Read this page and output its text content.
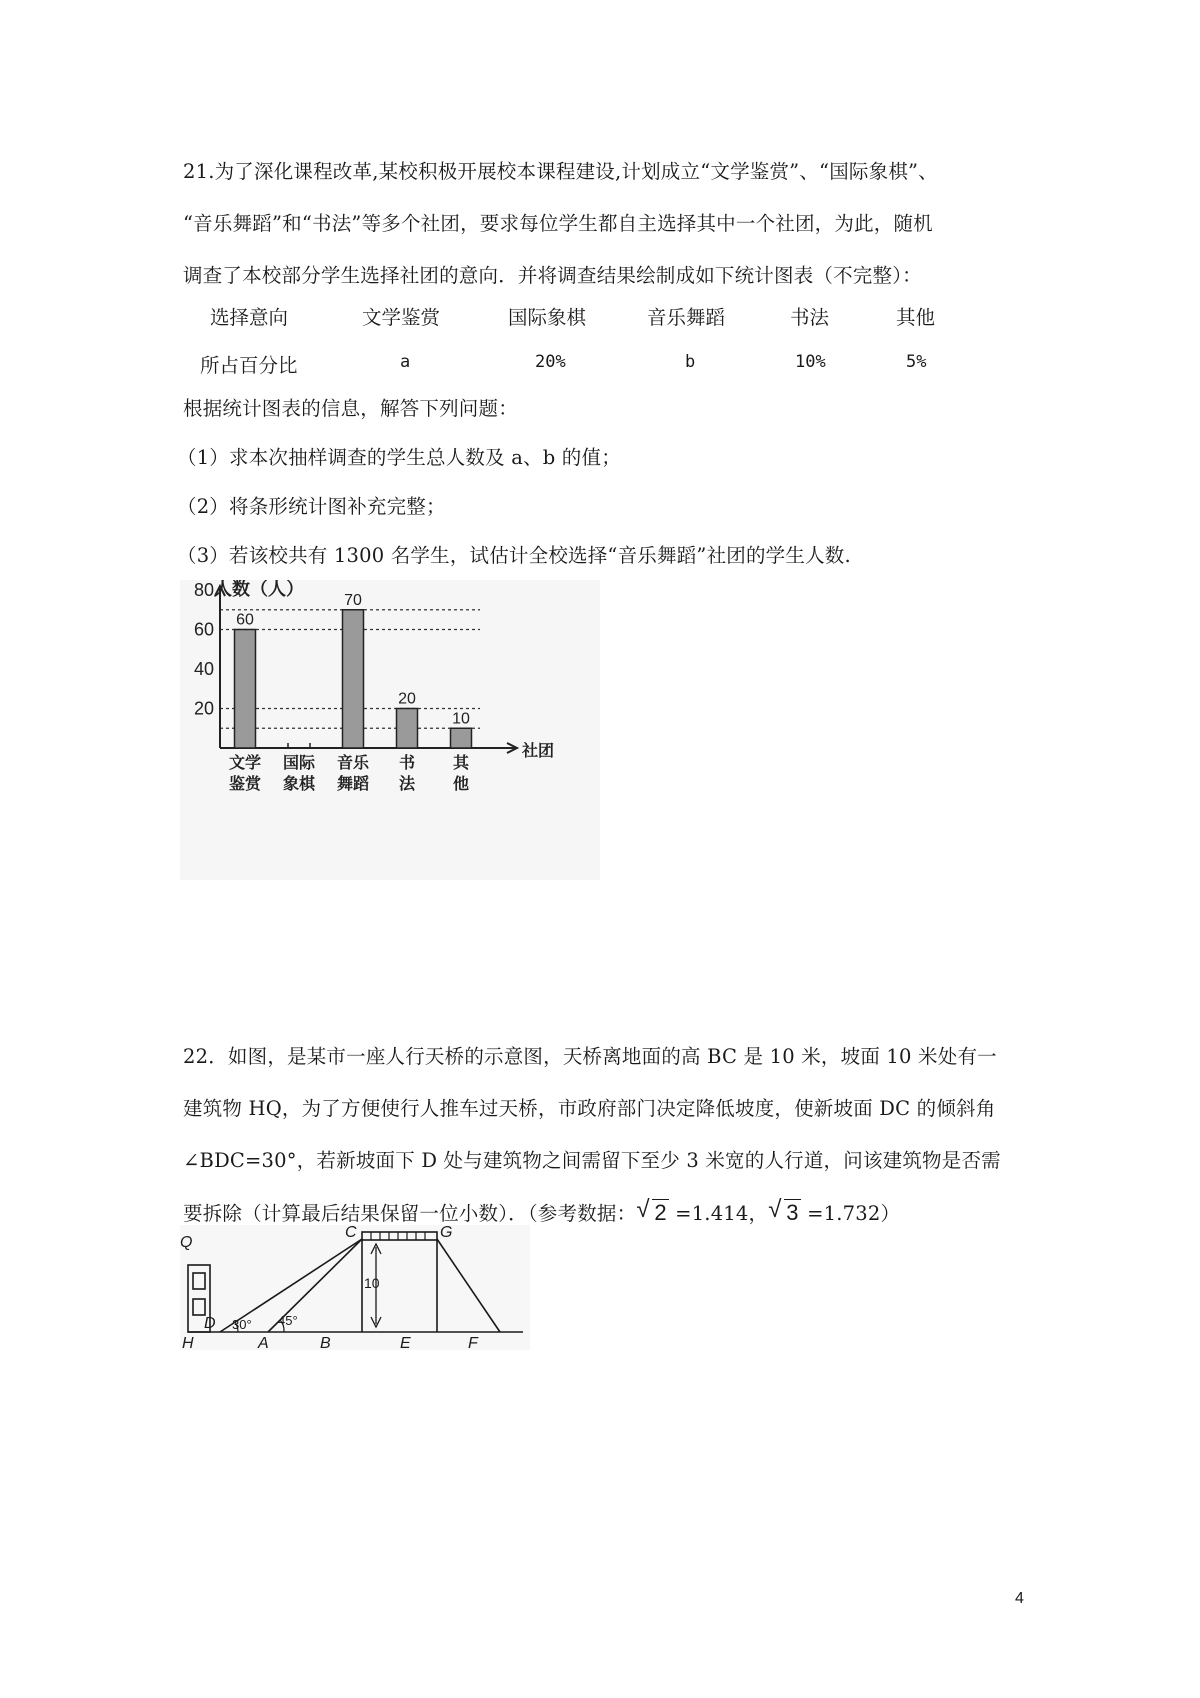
21.为了深化课程改革,某校积极开展校本课程建设,计划成立“文学鉴赏”、“国际象棋”、
“音乐舞蹈”和“书法”等多个社团，要求每位学生都自主选择其中一个社团，为此，随机
调查了本校部分学生选择社团的意向．并将调查结果绘制成如下统计图表（不完整）：
选择意向	文学鉴赏	国际象棋	音乐舞蹈	书法	其他
所占百分比	a	20%	b	10%	5%
根据统计图表的信息，解答下列问题：
（1）求本次抽样调查的学生总人数及 a、b 的值；
（2）将条形统计图补充完整；
（3）若该校共有 1300 名学生，试估计全校选择“音乐舞蹈”社团的学生人数.
人数（人）
社团
20
40
60
80
60
文学
鉴赏
国际
象棋
70
音乐
舞蹈
20
书
法
10
其
他
22．如图，是某市一座人行天桥的示意图，天桥离地面的高 BC 是 10 米，坡面 10 米处有一
建筑物 HQ，为了方便使行人推车过天桥，市政府部门决定降低坡度，使新坡面 DC 的倾斜角
∠BDC=30°，若新坡面下 D 处与建筑物之间需留下至少 3 米宽的人行道，问该建筑物是否需
要拆除（计算最后结果保留一位小数）．（参考数据： √ 2 =1.414， √ 3 =1.732）
Q
C	G
D
H	A	B	E	F
30° 45°
10
4
